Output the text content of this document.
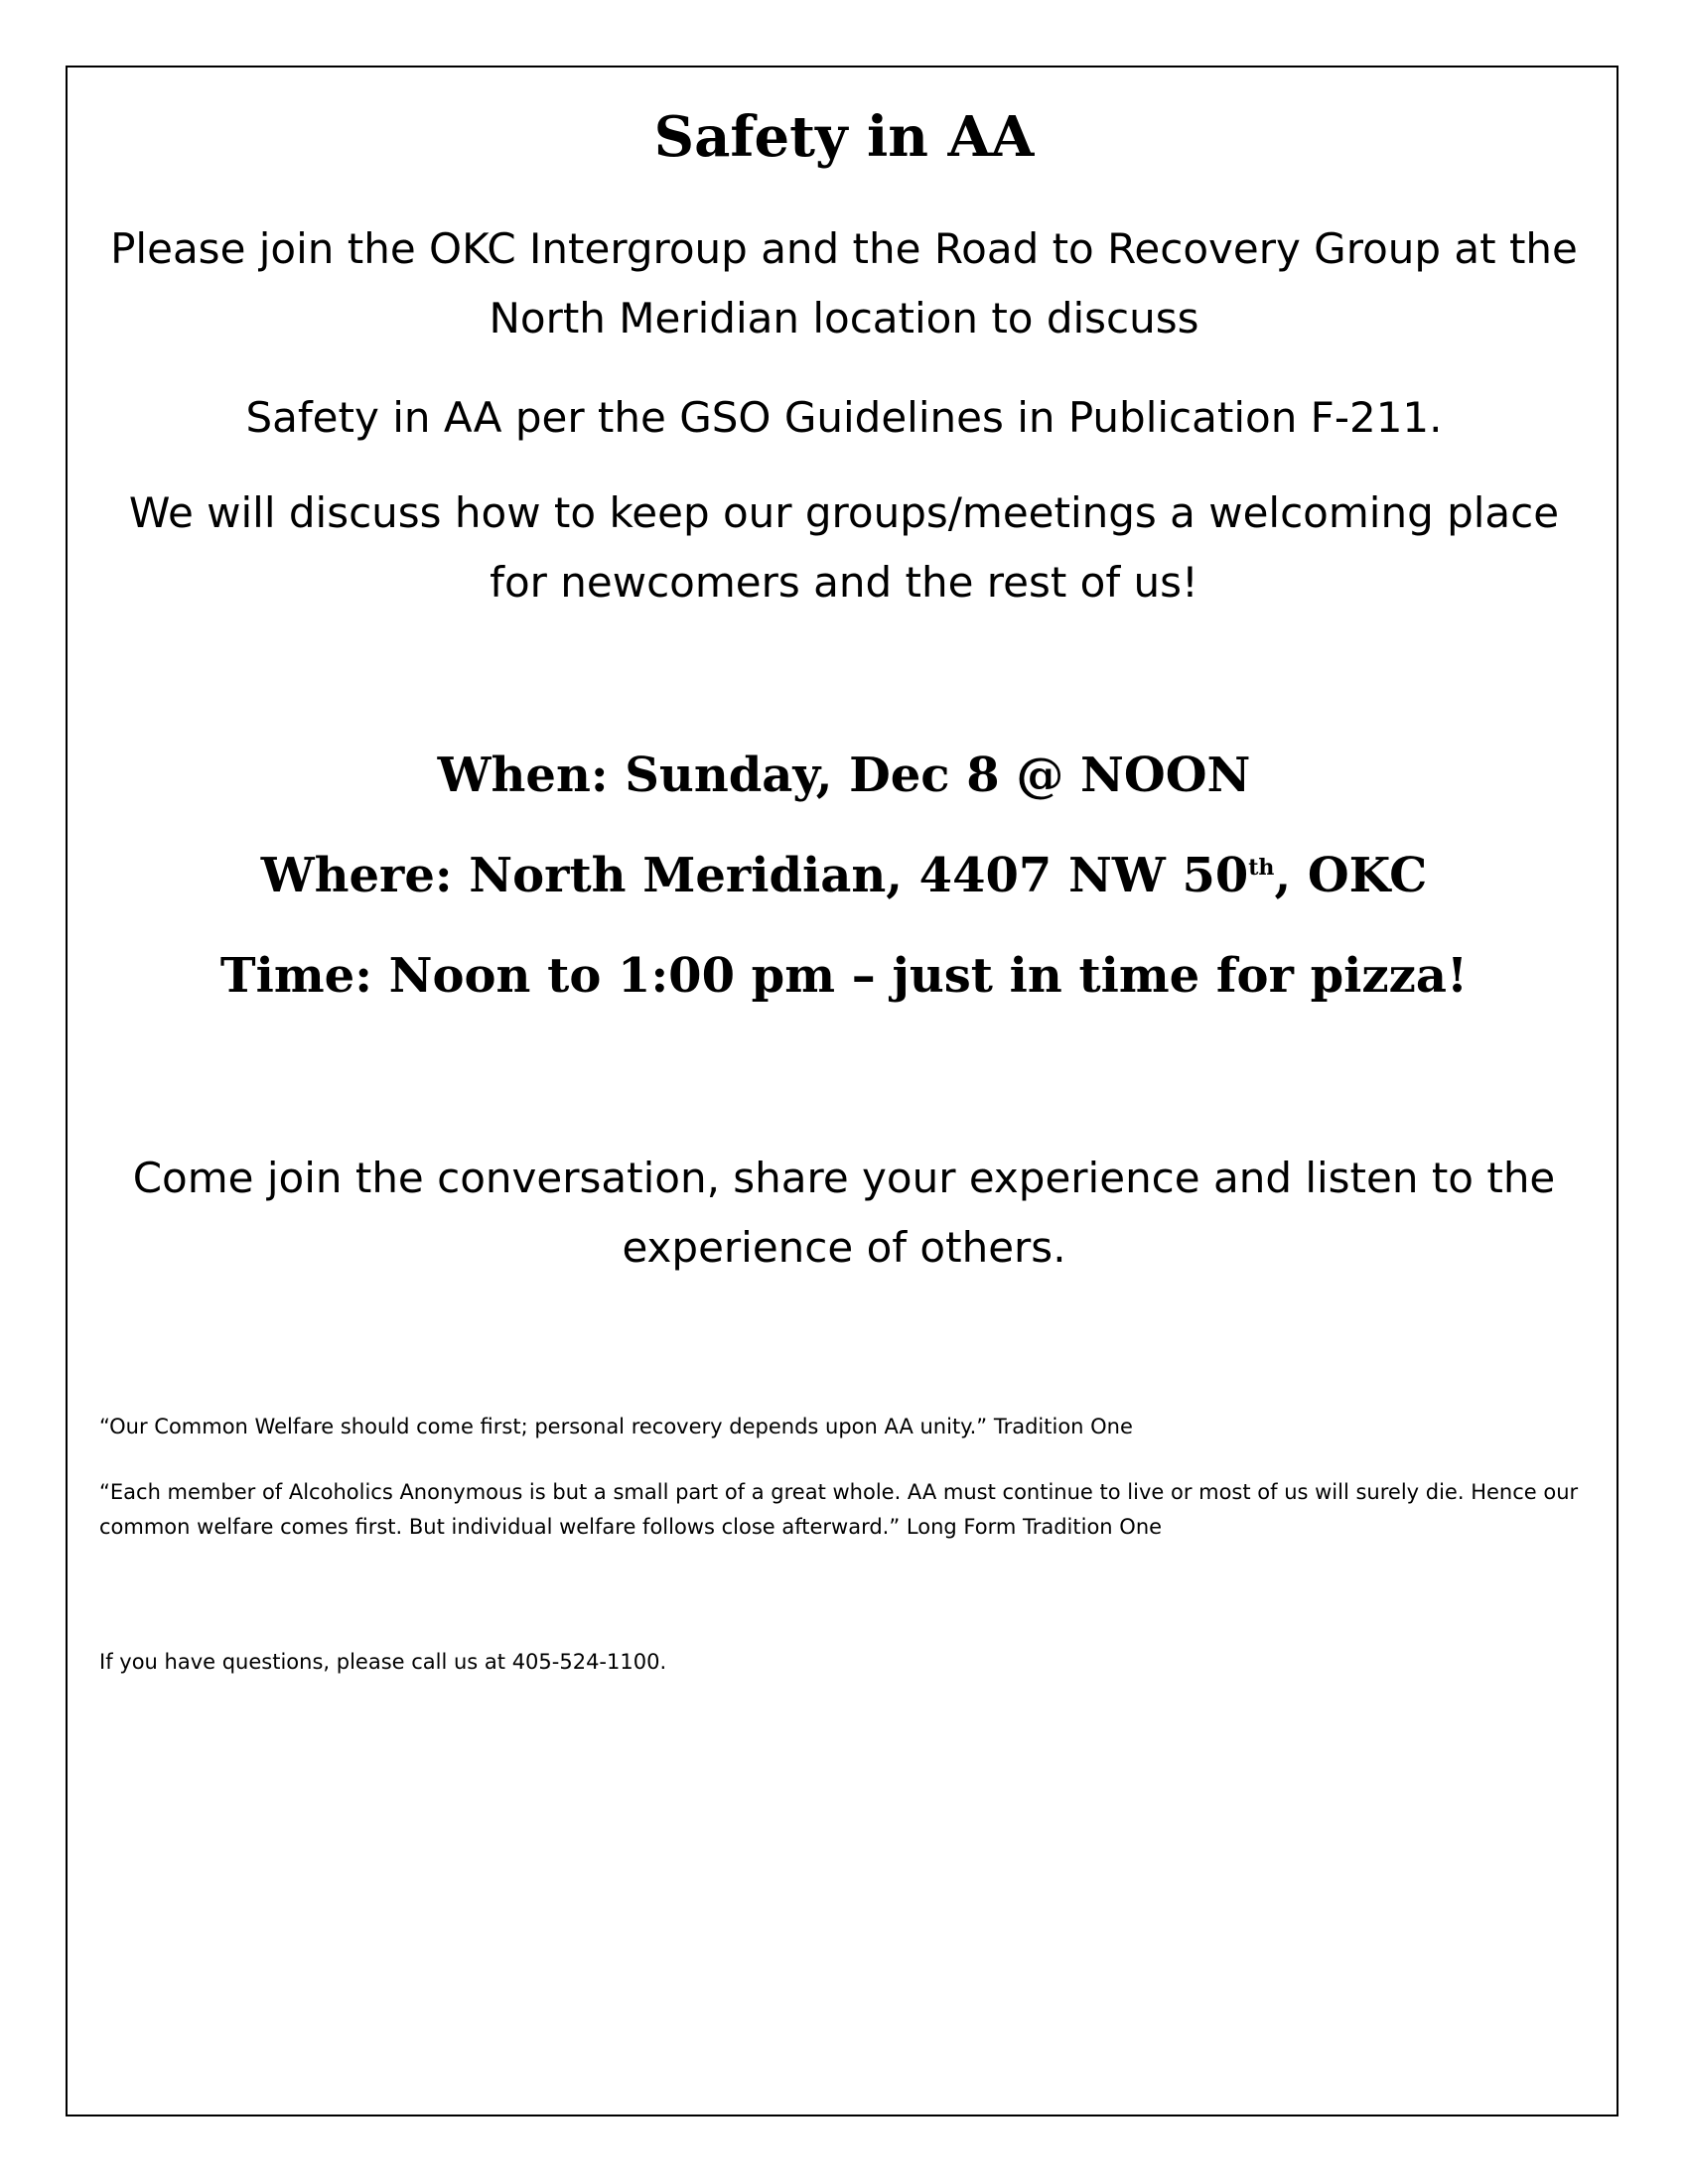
Safety in AA

Please join the OKC Intergroup and the Road to Recovery Group at the North Meridian location to discuss

Safety in AA per the GSO Guidelines in Publication F-211.

We will discuss how to keep our groups/meetings a welcoming place for newcomers and the rest of us!

When: Sunday, Dec 8 @ NOON

Where: North Meridian, 4407 NW 50th, OKC

Time: Noon to 1:00 pm – just in time for pizza!

Come join the conversation, share your experience and listen to the experience of others.

“Our Common Welfare should come first; personal recovery depends upon AA unity.” Tradition One

“Each member of Alcoholics Anonymous is but a small part of a great whole. AA must continue to live or most of us will surely die. Hence our common welfare comes first. But individual welfare follows close afterward.” Long Form Tradition One

If you have questions, please call us at 405-524-1100.
